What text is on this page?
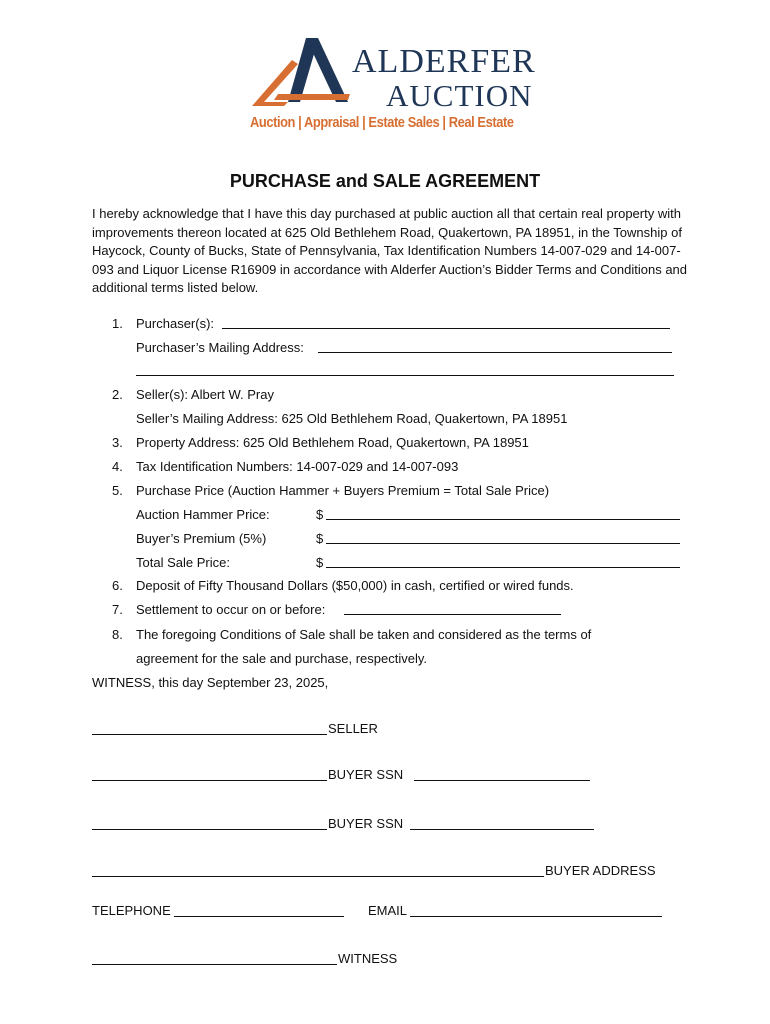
ALDERFER
AUCTION
Auction | Appraisal | Estate Sales | Real Estate
PURCHASE and SALE AGREEMENT

I hereby acknowledge that I have this day purchased at public auction all that certain real property with improvements thereon located at 625 Old Bethlehem Road, Quakertown, PA 18951, in the Township of Haycock, County of Bucks, State of Pennsylvania, Tax Identification Numbers 14-007-029 and 14-007-093 and Liquor License R16909 in accordance with Alderfer Auction’s Bidder Terms and Conditions and additional terms listed below.

1. Purchaser(s):
Purchaser’s Mailing Address:
2. Seller(s): Albert W. Pray
Seller’s Mailing Address: 625 Old Bethlehem Road, Quakertown, PA 18951
3. Property Address: 625 Old Bethlehem Road, Quakertown, PA 18951
4. Tax Identification Numbers: 14-007-029 and 14-007-093
5. Purchase Price (Auction Hammer + Buyers Premium = Total Sale Price)
Auction Hammer Price:	$
Buyer’s Premium (5%)	$
Total Sale Price:	$
6. Deposit of Fifty Thousand Dollars ($50,000) in cash, certified or wired funds.
7. Settlement to occur on or before:
8. The foregoing Conditions of Sale shall be taken and considered as the terms of
agreement for the sale and purchase, respectively.
WITNESS, this day September 23, 2025,
SELLER
BUYER SSN
BUYER SSN
BUYER ADDRESS
TELEPHONE	EMAIL
WITNESS
